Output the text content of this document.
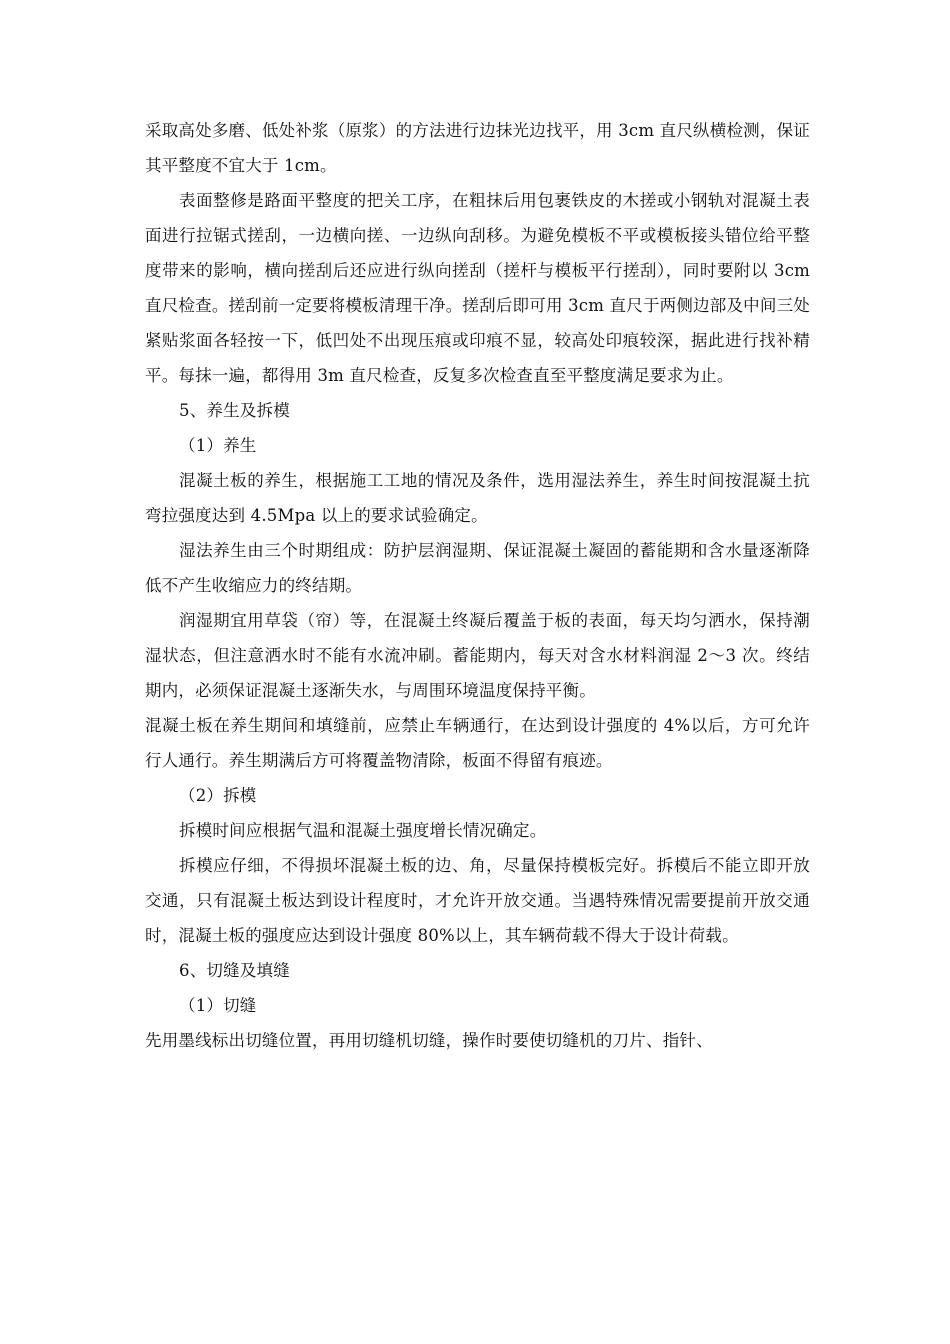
采取高处多磨、低处补浆（原浆）的方法进行边抹光边找平，用 3cm 直尺纵横检测，保证其平整度不宜大于 1cm。

表面整修是路面平整度的把关工序，在粗抹后用包裹铁皮的木搓或小钢轨对混凝土表面进行拉锯式搓刮，一边横向搓、一边纵向刮移。为避免模板不平或模板接头错位给平整度带来的影响，横向搓刮后还应进行纵向搓刮（搓杆与模板平行搓刮），同时要附以 3cm 直尺检查。搓刮前一定要将模板清理干净。搓刮后即可用 3cm 直尺于两侧边部及中间三处紧贴浆面各轻按一下，低凹处不出现压痕或印痕不显，较高处印痕较深，据此进行找补精平。每抹一遍，都得用 3m 直尺检查，反复多次检查直至平整度满足要求为止。

5、养生及拆模

（1）养生

混凝土板的养生，根据施工工地的情况及条件，选用湿法养生，养生时间按混凝土抗弯拉强度达到 4.5Mpa 以上的要求试验确定。

湿法养生由三个时期组成：防护层润湿期、保证混凝土凝固的蓄能期和含水量逐渐降低不产生收缩应力的终结期。

润湿期宜用草袋（帘）等，在混凝土终凝后覆盖于板的表面，每天均匀洒水，保持潮湿状态，但注意洒水时不能有水流冲刷。蓄能期内，每天对含水材料润湿 2～3 次。终结期内，必须保证混凝土逐渐失水，与周围环境温度保持平衡。

混凝土板在养生期间和填缝前，应禁止车辆通行，在达到设计强度的 4%以后，方可允许行人通行。养生期满后方可将覆盖物清除，板面不得留有痕迹。

（2）拆模

拆模时间应根据气温和混凝土强度增长情况确定。

拆模应仔细，不得损坏混凝土板的边、角，尽量保持模板完好。拆模后不能立即开放交通，只有混凝土板达到设计程度时，才允许开放交通。当遇特殊情况需要提前开放交通时，混凝土板的强度应达到设计强度 80%以上，其车辆荷载不得大于设计荷载。

6、切缝及填缝

（1）切缝

先用墨线标出切缝位置，再用切缝机切缝，操作时要使切缝机的刀片、指针、
